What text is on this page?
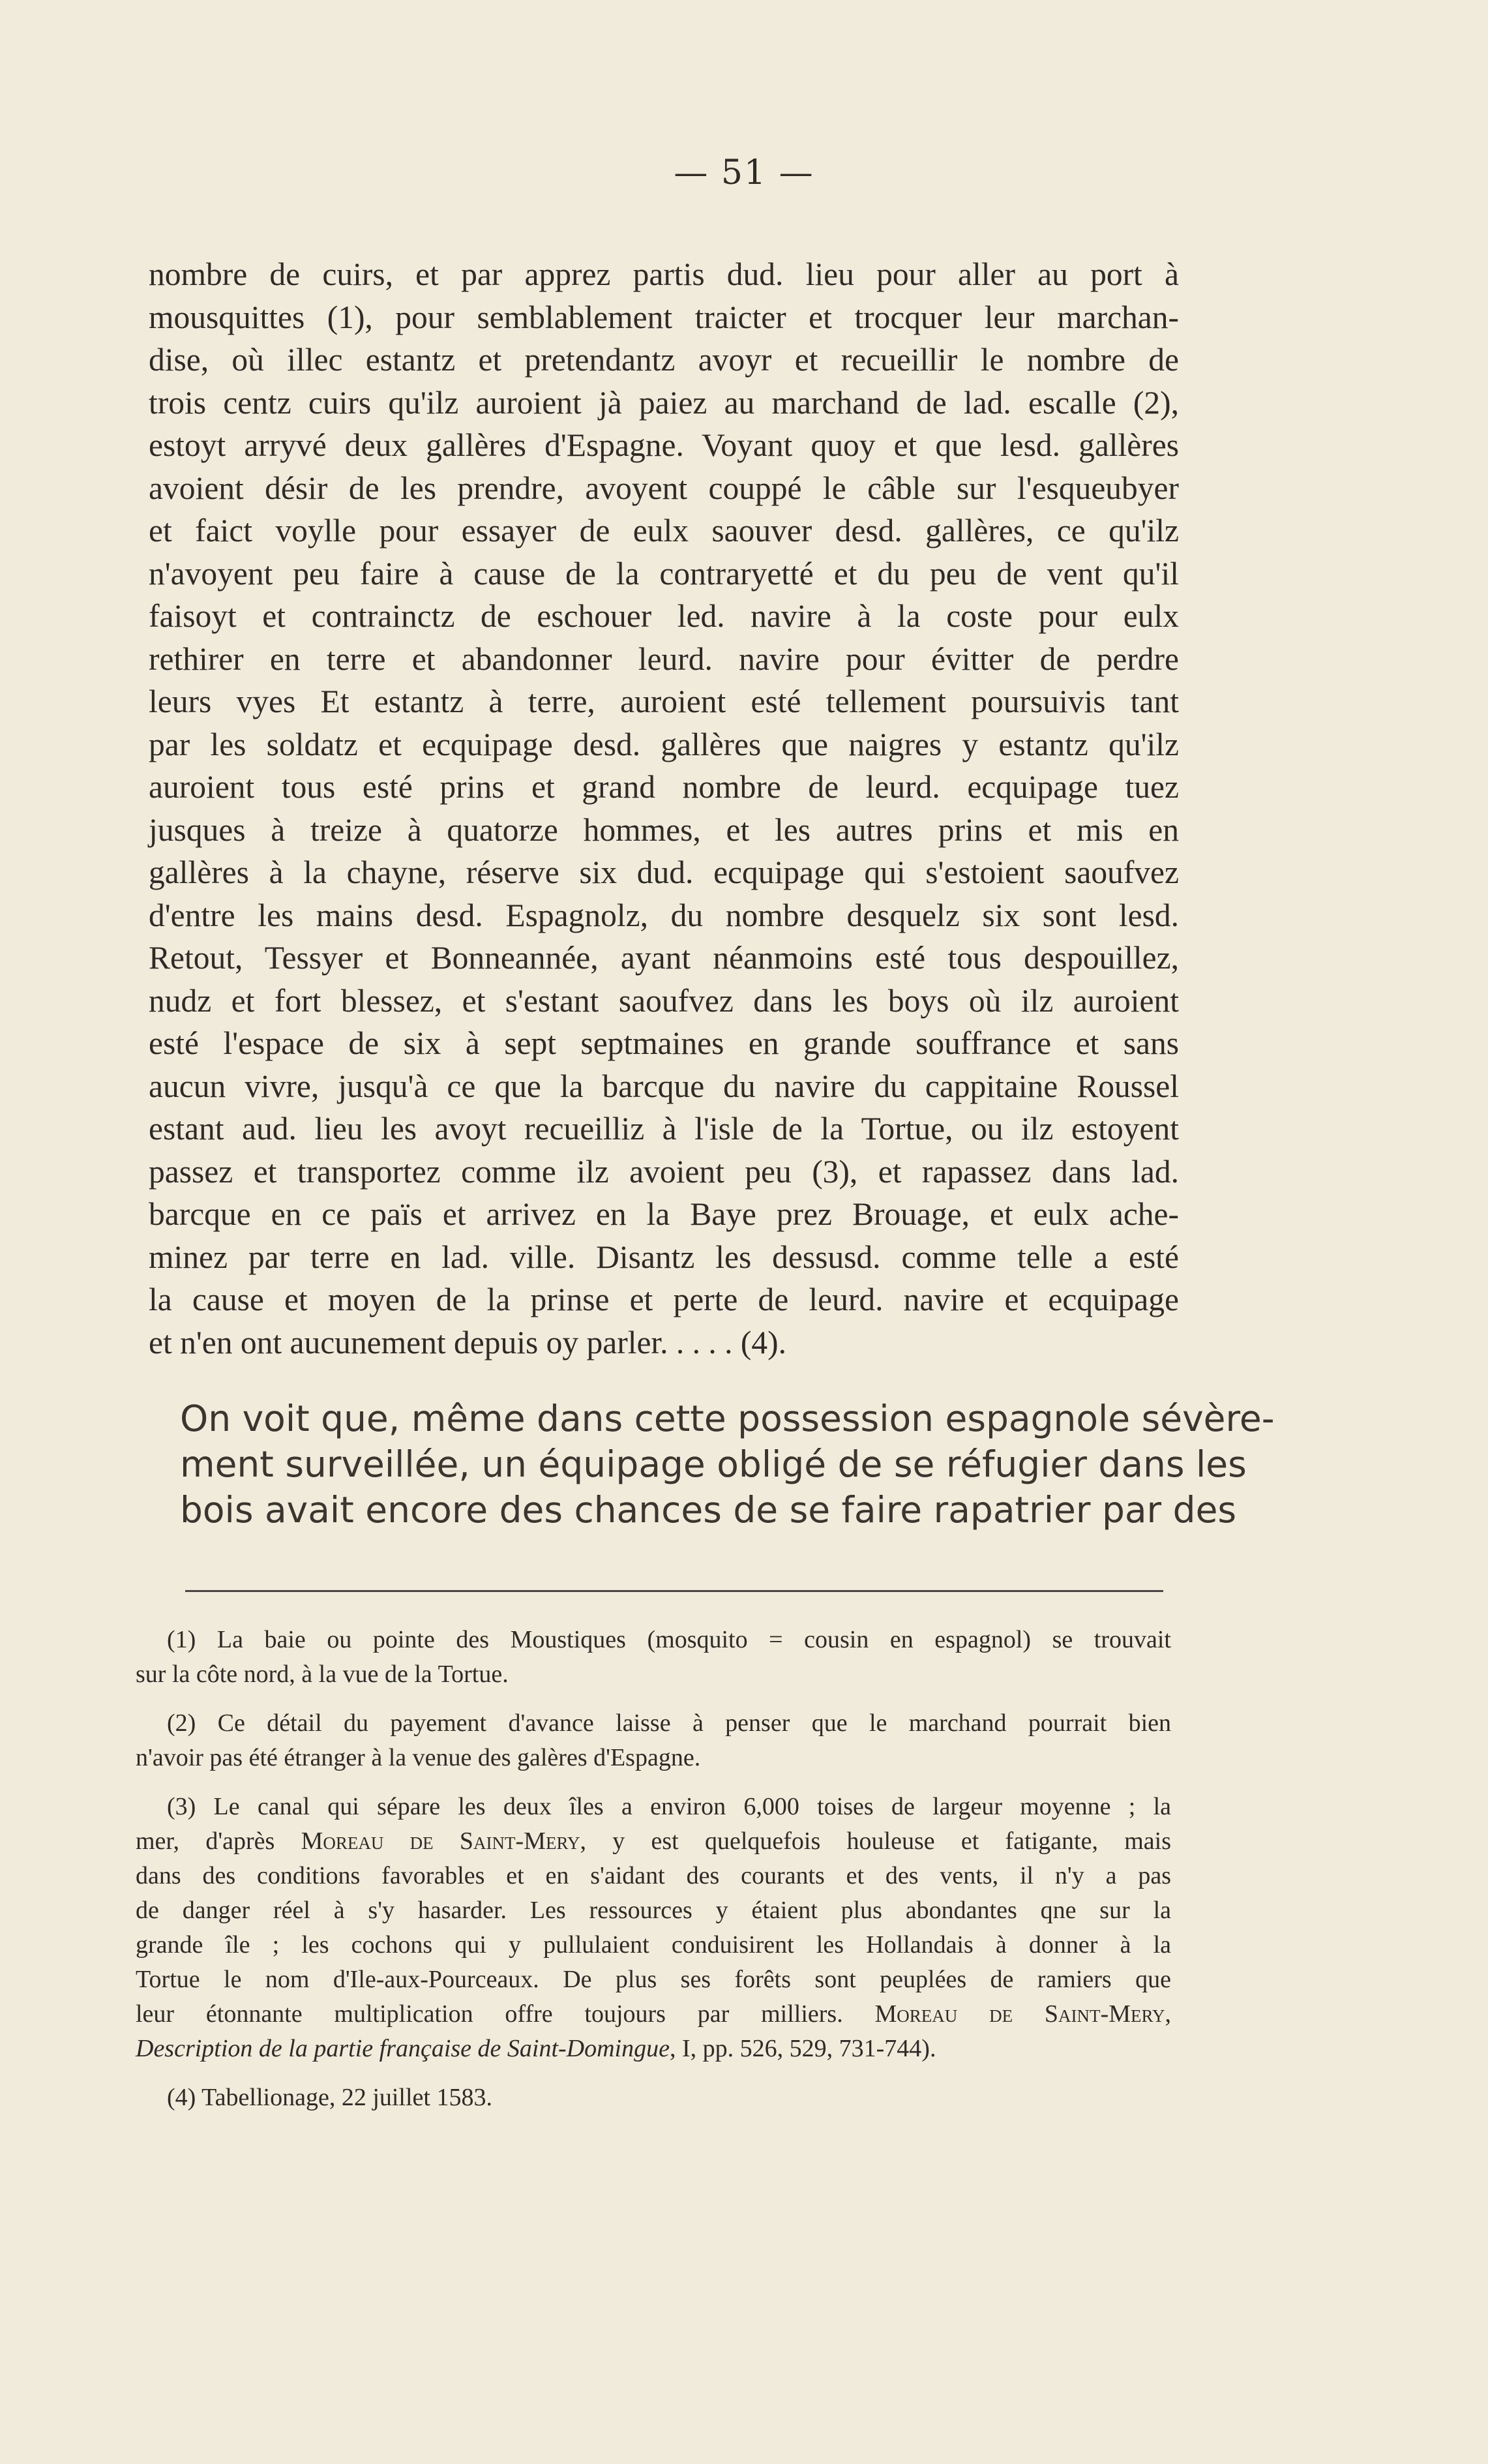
— 51 —
nombre de cuirs, et par apprez partis dud. lieu pour aller au port à
mousquittes (1), pour semblablement traicter et trocquer leur marchan-
dise, où illec estantz et pretendantz avoyr et recueillir le nombre de
trois centz cuirs qu'ilz auroient jà paiez au marchand de lad. escalle (2),
estoyt arryvé deux gallères d'Espagne. Voyant quoy et que lesd. gallères
avoient désir de les prendre, avoyent couppé le câble sur l'esqueubyer
et faict voylle pour essayer de eulx saouver desd. gallères, ce qu'ilz
n'avoyent peu faire à cause de la contraryetté et du peu de vent qu'il
faisoyt et contrainctz de eschouer led. navire à la coste pour eulx
rethirer en terre et abandonner leurd. navire pour évitter de perdre
leurs vyes Et estantz à terre, auroient esté tellement poursuivis tant
par les soldatz et ecquipage desd. gallères que naigres y estantz qu'ilz
auroient tous esté prins et grand nombre de leurd. ecquipage tuez
jusques à treize à quatorze hommes, et les autres prins et mis en
gallères à la chayne, réserve six dud. ecquipage qui s'estoient saoufvez
d'entre les mains desd. Espagnolz, du nombre desquelz six sont lesd.
Retout, Tessyer et Bonneannée, ayant néanmoins esté tous despouillez,
nudz et fort blessez, et s'estant saoufvez dans les boys où ilz auroient
esté l'espace de six à sept septmaines en grande souffrance et sans
aucun vivre, jusqu'à ce que la barcque du navire du cappitaine Roussel
estant aud. lieu les avoyt recueilliz à l'isle de la Tortue, ou ilz estoyent
passez et transportez comme ilz avoient peu (3), et rapassez dans lad.
barcque en ce païs et arrivez en la Baye prez Brouage, et eulx ache-
minez par terre en lad. ville. Disantz les dessusd. comme telle a esté
la cause et moyen de la prinse et perte de leurd. navire et ecquipage
et n'en ont aucunement depuis oy parler. . . . . (4).
On voit que, même dans cette possession espagnole sévère-
ment surveillée, un équipage obligé de se réfugier dans les
bois avait encore des chances de se faire rapatrier par des
(1) La baie ou pointe des Moustiques (mosquito = cousin en espagnol) se trouvait
sur la côte nord, à la vue de la Tortue.
(2) Ce détail du payement d'avance laisse à penser que le marchand pourrait bien
n'avoir pas été étranger à la venue des galères d'Espagne.
(3) Le canal qui sépare les deux îles a environ 6,000 toises de largeur moyenne ; la
mer, d'après Moreau de Saint-Mery, y est quelquefois houleuse et fatigante, mais
dans des conditions favorables et en s'aidant des courants et des vents, il n'y a pas
de danger réel à s'y hasarder. Les ressources y étaient plus abondantes qne sur la
grande île ; les cochons qui y pullulaient conduisirent les Hollandais à donner à la
Tortue le nom d'Ile-aux-Pourceaux. De plus ses forêts sont peuplées de ramiers que
leur étonnante multiplication offre toujours par milliers. Moreau de Saint-Mery,
Description de la partie française de Saint-Domingue, I, pp. 526, 529, 731-744).
(4) Tabellionage, 22 juillet 1583.
